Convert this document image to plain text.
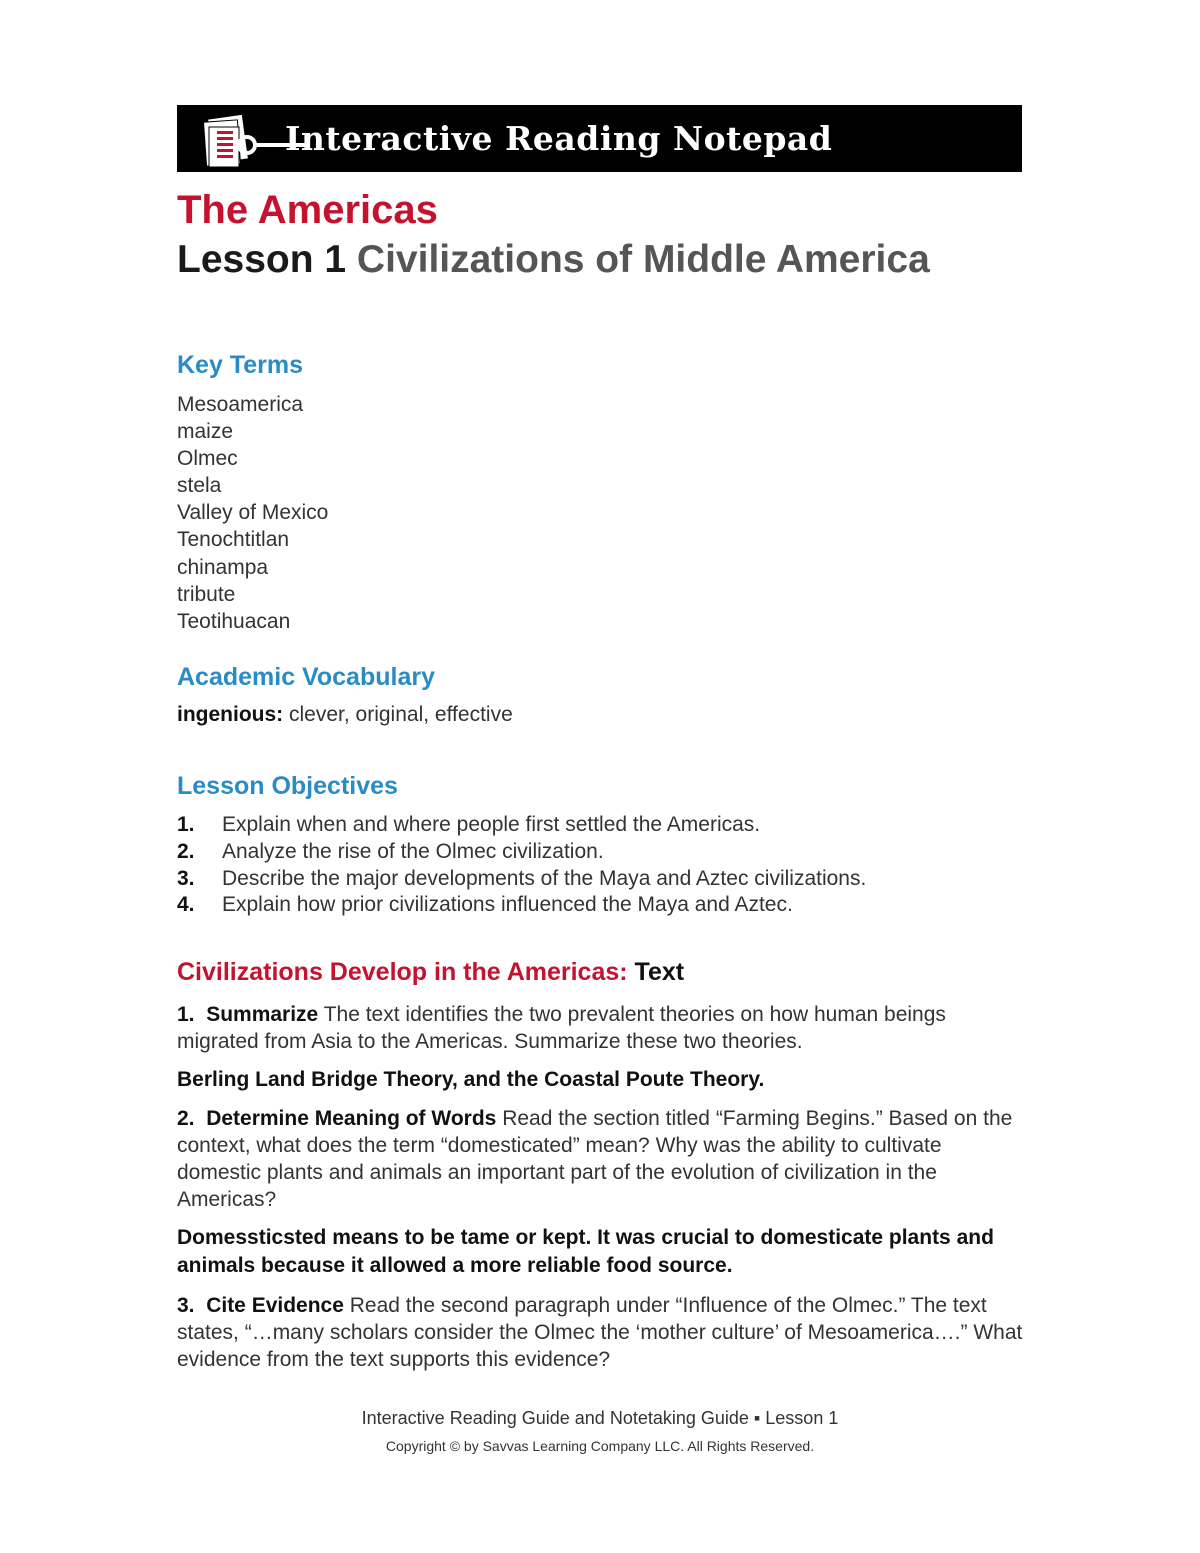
Interactive Reading Notepad
The Americas
Lesson 1 Civilizations of Middle America
Key Terms
Mesoamerica
maize
Olmec
stela
Valley of Mexico
Tenochtitlan
chinampa
tribute
Teotihuacan
Academic Vocabulary

ingenious: clever, original, effective

Lesson Objectives
1. Explain when and where people first settled the Americas.
2. Analyze the rise of the Olmec civilization.
3. Describe the major developments of the Maya and Aztec civilizations.
4. Explain how prior civilizations influenced the Maya and Aztec.
Civilizations Develop in the Americas: Text

1. Summarize The text identifies the two prevalent theories on how human beings migrated from Asia to the Americas. Summarize these two theories.

Berling Land Bridge Theory, and the Coastal Poute Theory.

2. Determine Meaning of Words Read the section titled “Farming Begins.” Based on the context, what does the term “domesticated” mean? Why was the ability to cultivate domestic plants and animals an important part of the evolution of civilization in the Americas?

Domessticsted means to be tame or kept. It was crucial to domesticate plants and animals because it allowed a more reliable food source.

3. Cite Evidence Read the second paragraph under “Influence of the Olmec.” The text states, “…many scholars consider the Olmec the ‘mother culture’ of Mesoamerica….” What evidence from the text supports this evidence?

Interactive Reading Guide and Notetaking Guide ▪ Lesson 1

Copyright © by Savvas Learning Company LLC. All Rights Reserved.
